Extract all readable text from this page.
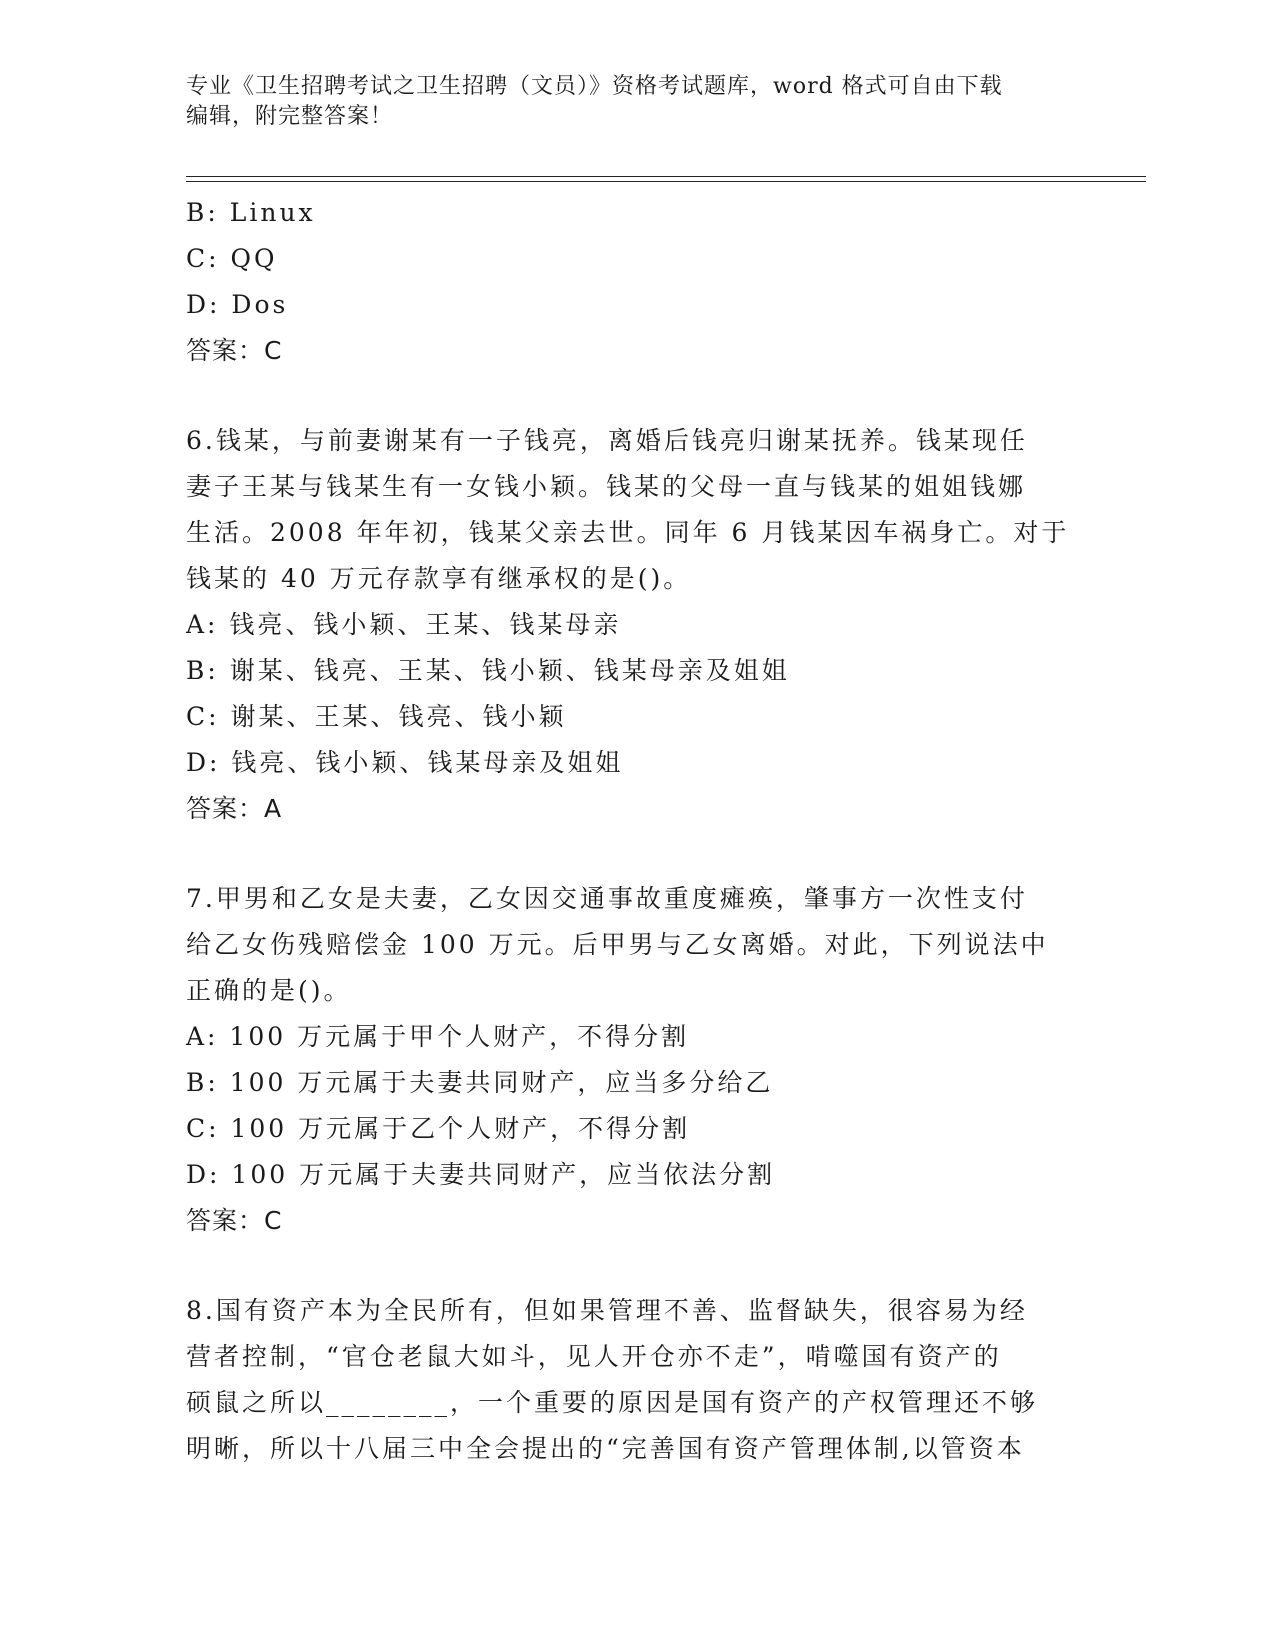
专业《卫生招聘考试之卫生招聘（文员）》资格考试题库，word 格式可自由下载
编辑，附完整答案！
B: Linux
C: QQ
D: Dos
答案：C
6.钱某，与前妻谢某有一子钱亮，离婚后钱亮归谢某抚养。钱某现任
妻子王某与钱某生有一女钱小颖。钱某的父母一直与钱某的姐姐钱娜
生活。2008 年年初，钱某父亲去世。同年 6 月钱某因车祸身亡。对于
钱某的 40 万元存款享有继承权的是()。
A: 钱亮、钱小颖、王某、钱某母亲
B: 谢某、钱亮、王某、钱小颖、钱某母亲及姐姐
C: 谢某、王某、钱亮、钱小颖
D: 钱亮、钱小颖、钱某母亲及姐姐
答案：A
7.甲男和乙女是夫妻，乙女因交通事故重度瘫痪，肇事方一次性支付
给乙女伤残赔偿金 100 万元。后甲男与乙女离婚。对此，下列说法中
正确的是()。
A: 100 万元属于甲个人财产，不得分割
B: 100 万元属于夫妻共同财产，应当多分给乙
C: 100 万元属于乙个人财产，不得分割
D: 100 万元属于夫妻共同财产，应当依法分割
答案：C
8.国有资产本为全民所有，但如果管理不善、监督缺失，很容易为经
营者控制，“官仓老鼠大如斗，见人开仓亦不走”，啃噬国有资产的
硕鼠之所以________，一个重要的原因是国有资产的产权管理还不够
明晰，所以十八届三中全会提出的“完善国有资产管理体制,以管资本
